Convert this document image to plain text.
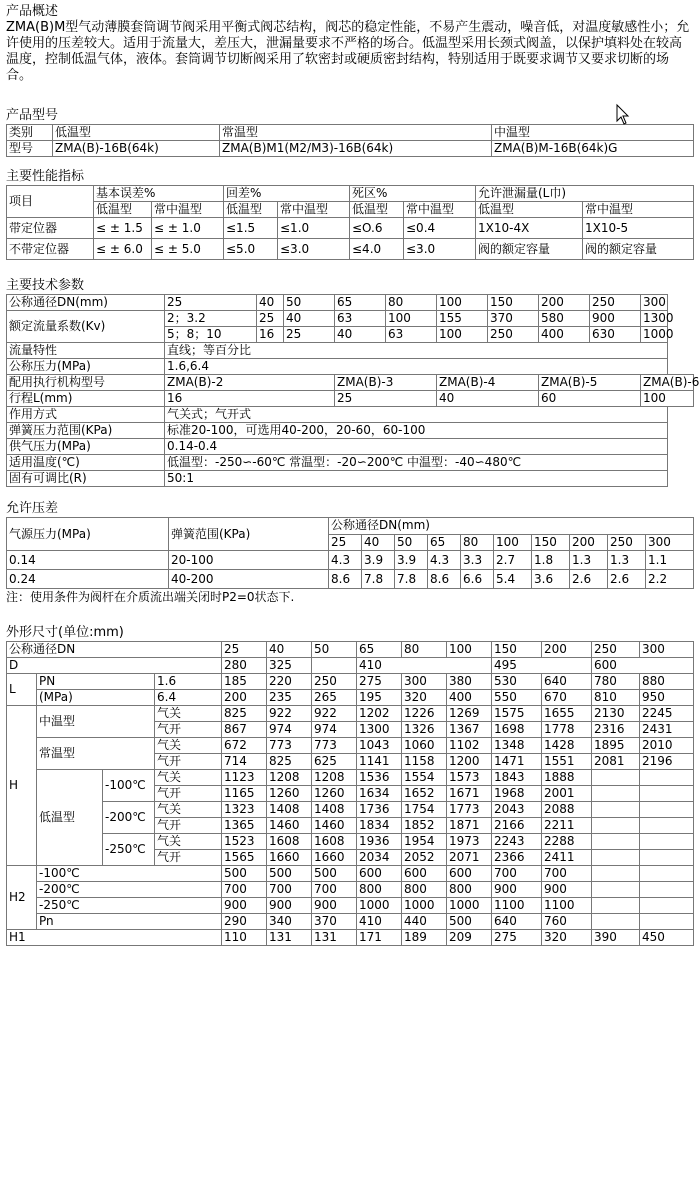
产品概述

ZMA(B)M型气动薄膜套筒调节阀采用平衡式阀芯结构，阀芯的稳定性能，不易产生震动，噪音低，对温度敏感性小；允许使用的压差较大。适用于流量大，差压大，泄漏量要求不严格的场合。低温型采用长颈式阀盖，以保护填料处在较高温度，控制低温气体，液体。套筒调节切断阀采用了软密封或硬质密封结构，特别适用于既要求调节又要求切断的场合。

产品型号

类别	低温型	常温型	中温型
型号	ZMA(B)-16B(64k)	ZMA(B)M1(M2/M3)-16B(64k)	ZMA(B)M-16B(64k)G

主要性能指标

项目	基本误差%		回差%		死区%		允许泄漏量(L巾)	
	低温型	常中温型	低温型	常中温型	低温型	常中温型	低温型	常中温型
带定位器	≤ ± 1.5	≤ ± 1.0	≤1.5	≤1.0	≤O.6	≤0.4	1X10-4X	1X10-5
不带定位器	≤ ± 6.0	≤ ± 5.0	≤5.0	≤3.0	≤4.0	≤3.0	阀的额定容量	阀的额定容量

主要技术参数

公称通径DN(mm)	25	40	50	65	80	100	150	200	250	300
额定流量系数(Kv)	2；3.2	25	40	63	100	155	370	580	900	1300
	5；8；10	16	25	40	63	100	250	400	630	1000
流量特性	直线；等百分比									
公称压力(MPa)	1.6,6.4									
配用执行机构型号	ZMA(B)-2			ZMA(B)-3		ZMA(B)-4		ZMA(B)-5		ZMA(B)-6
行程L(mm)	16			25		40		60		100
作用方式	气关式；气开式									
弹簧压力范围(KPa)	标准20-100，可选用40-200，20-60，60-100									
供气压力(MPa)	0.14-0.4									
适用温度(℃)	低温型：-250∽-60℃ 常温型：-20∽200℃ 中温型：-40∽480℃									
固有可调比(R)	50:1									

允许压差

气源压力(MPa)	弹簧范围(KPa)	公称通径DN(mm)									
		25	40	50	65	80	100	150	200	250	300
0.14	20-100	4.3	3.9	3.9	4.3	3.3	2.7	1.8	1.3	1.3	1.1
0.24	40-200	8.6	7.8	7.8	8.6	6.6	5.4	3.6	2.6	2.6	2.2

注：使用条件为阀杆在介质流出端关闭时P2=0状态下.

外形尺寸(单位:mm)

公称通径DN				25	40	50	65	80	100	150	200	250	300
D				280	325		410			495		600	
L	PN		1.6	185	220	250	275	300	380	530	640	780	880
	(MPa)		6.4	200	235	265	195	320	400	550	670	810	950
H	中温型		气关	825	922	922	1202	1226	1269	1575	1655	2130	2245
			气开	867	974	974	1300	1326	1367	1698	1778	2316	2431
	常温型		气关	672	773	773	1043	1060	1102	1348	1428	1895	2010
			气开	714	825	625	1141	1158	1200	1471	1551	2081	2196
	低温型	-100℃	气关	1123	1208	1208	1536	1554	1573	1843	1888		
			气开	1165	1260	1260	1634	1652	1671	1968	2001		
		-200℃	气关	1323	1408	1408	1736	1754	1773	2043	2088		
			气开	1365	1460	1460	1834	1852	1871	2166	2211		
		-250℃	气关	1523	1608	1608	1936	1954	1973	2243	2288		
			气开	1565	1660	1660	2034	2052	2071	2366	2411		
H2	-100℃			500	500	500	600	600	600	700	700		
	-200℃			700	700	700	800	800	800	900	900		
	-250℃			900	900	900	1000	1000	1000	1100	1100		
	Pn			290	340	370	410	440	500	640	760		
H1				110	131	131	171	189	209	275	320	390	450
